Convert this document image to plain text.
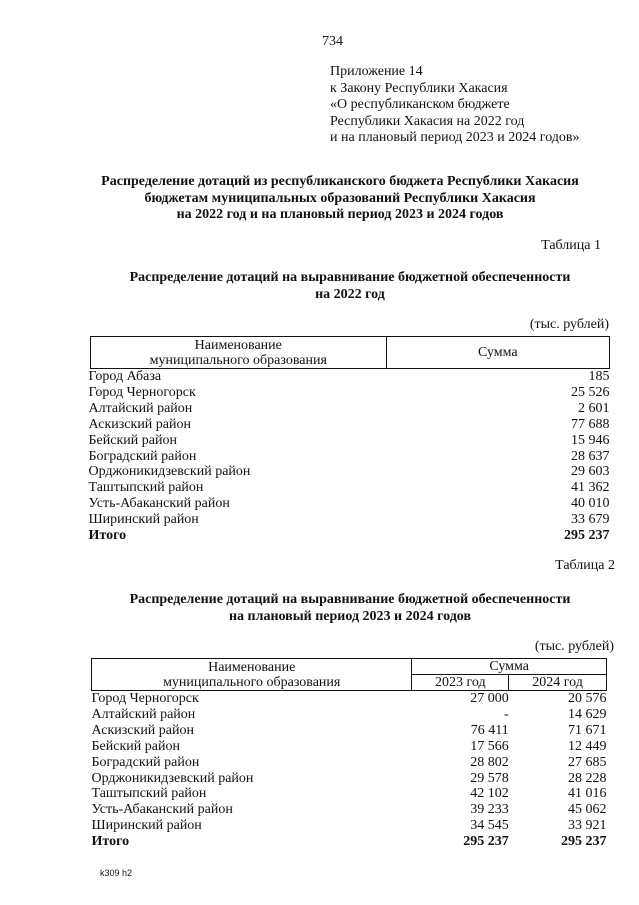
734
Приложение 14
к Закону Республики Хакасия
«О республиканском бюджете
Республики Хакасия на 2022 год
и на плановый период 2023 и 2024 годов»
Распределение дотаций из республиканского бюджета Республики Хакасия
бюджетам муниципальных образований Республики Хакасия
на 2022 год и на плановый период 2023 и 2024 годов
Таблица 1
Распределение дотаций на выравнивание бюджетной обеспеченности
на 2022 год
(тыс. рублей)
Наименование
муниципального образования	Сумма
Город Абаза	185
Город Черногорск	25 526
Алтайский район	2 601
Аскизский район	77 688
Бейский район	15 946
Боградский район	28 637
Орджоникидзевский район	29 603
Таштыпский район	41 362
Усть-Абаканский район	40 010
Ширинский район	33 679
Итого	295 237
Таблица 2
Распределение дотаций на выравнивание бюджетной обеспеченности
на плановый период 2023 и 2024 годов
(тыс. рублей)
Наименование
муниципального образования	Сумма	
	2023 год	2024 год
Город Черногорск	27 000	20 576
Алтайский район	-	14 629
Аскизский район	76 411	71 671
Бейский район	17 566	12 449
Боградский район	28 802	27 685
Орджоникидзевский район	29 578	28 228
Таштыпский район	42 102	41 016
Усть-Абаканский район	39 233	45 062
Ширинский район	34 545	33 921
Итого	295 237	295 237
k309 h2
